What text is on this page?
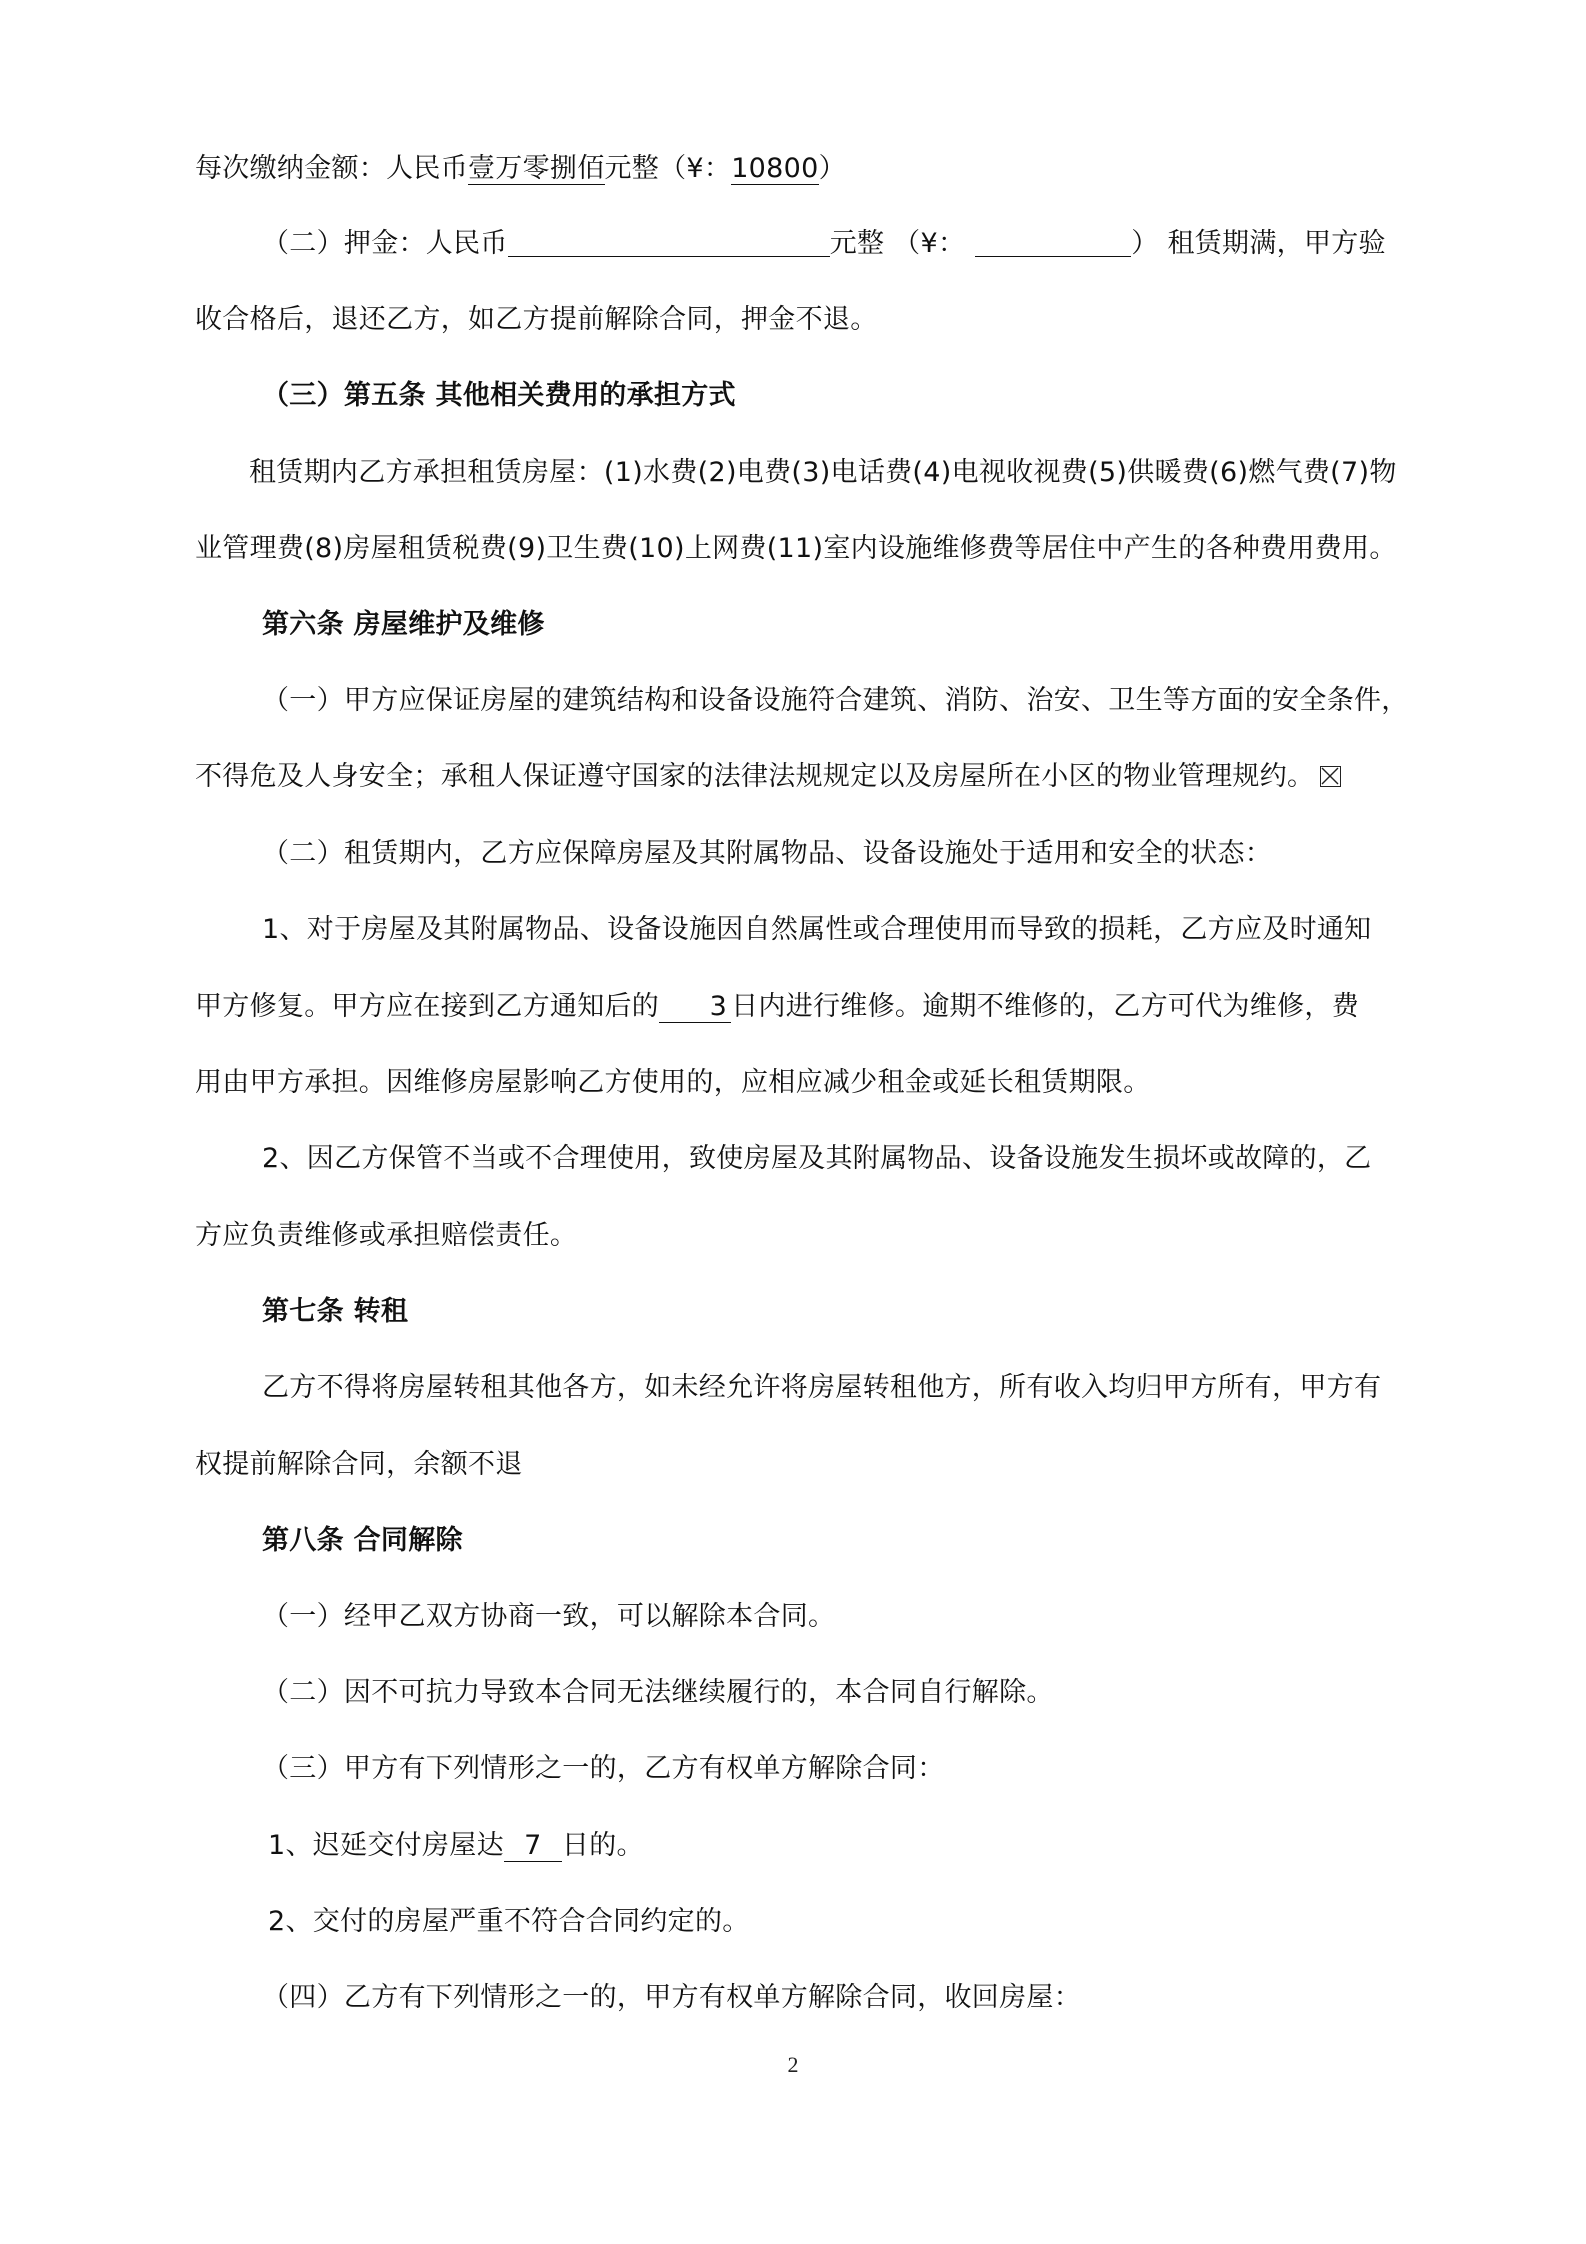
每次缴纳金额：人民币壹万零捌佰元整（¥：10800）
（二）押金：人民币	元整 （¥：	） 租赁期满，甲方验
收合格后，退还乙方，如乙方提前解除合同，押金不退。
（三）第五条 其他相关费用的承担方式
租赁期内乙方承担租赁房屋：(1)水费(2)电费(3)电话费(4)电视收视费(5)供暖费(6)燃气费(7)物
业管理费(8)房屋租赁税费(9)卫生费(10)上网费(11)室内设施维修费等居住中产生的各种费用费用。
第六条 房屋维护及维修
（一）甲方应保证房屋的建筑结构和设备设施符合建筑、消防、治安、卫生等方面的安全条件，
不得危及人身安全；承租人保证遵守国家的法律法规规定以及房屋所在小区的物业管理规约。
（二）租赁期内，乙方应保障房屋及其附属物品、设备设施处于适用和安全的状态：
1、对于房屋及其附属物品、设备设施因自然属性或合理使用而导致的损耗，乙方应及时通知
甲方修复。甲方应在接到乙方通知后的 3 日内进行维修。逾期不维修的，乙方可代为维修，费
用由甲方承担。因维修房屋影响乙方使用的，应相应减少租金或延长租赁期限。
2、因乙方保管不当或不合理使用，致使房屋及其附属物品、设备设施发生损坏或故障的，乙
方应负责维修或承担赔偿责任。
第七条 转租
乙方不得将房屋转租其他各方，如未经允许将房屋转租他方，所有收入均归甲方所有，甲方有
权提前解除合同，余额不退
第八条 合同解除
（一）经甲乙双方协商一致，可以解除本合同。
（二）因不可抗力导致本合同无法继续履行的，本合同自行解除。
（三）甲方有下列情形之一的，乙方有权单方解除合同：
1、迟延交付房屋达 7 日的。
2、交付的房屋严重不符合合同约定的。
（四）乙方有下列情形之一的，甲方有权单方解除合同，收回房屋：
2
